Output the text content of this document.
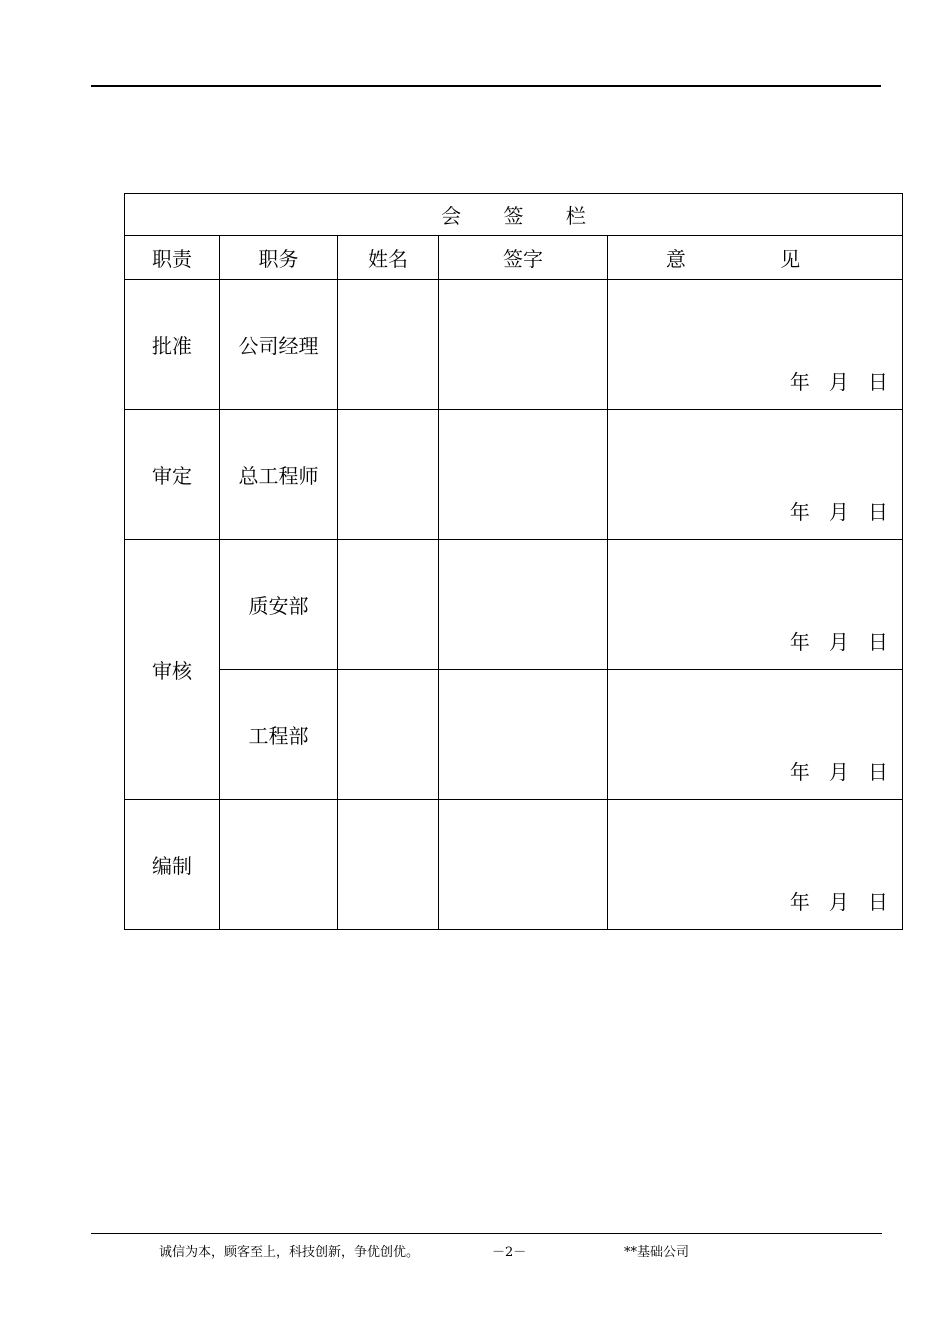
会 签 栏				
职责	职务	姓名	签字	意 见
批准	公司经理			年   月   日

审定	总工程师			年   月   日

审核	质安部			年   月   日

	工程部			年   月   日

编制				年   月   日
诚信为本，顾客至上，科技创新，争优创优。	－2－	**基础公司
